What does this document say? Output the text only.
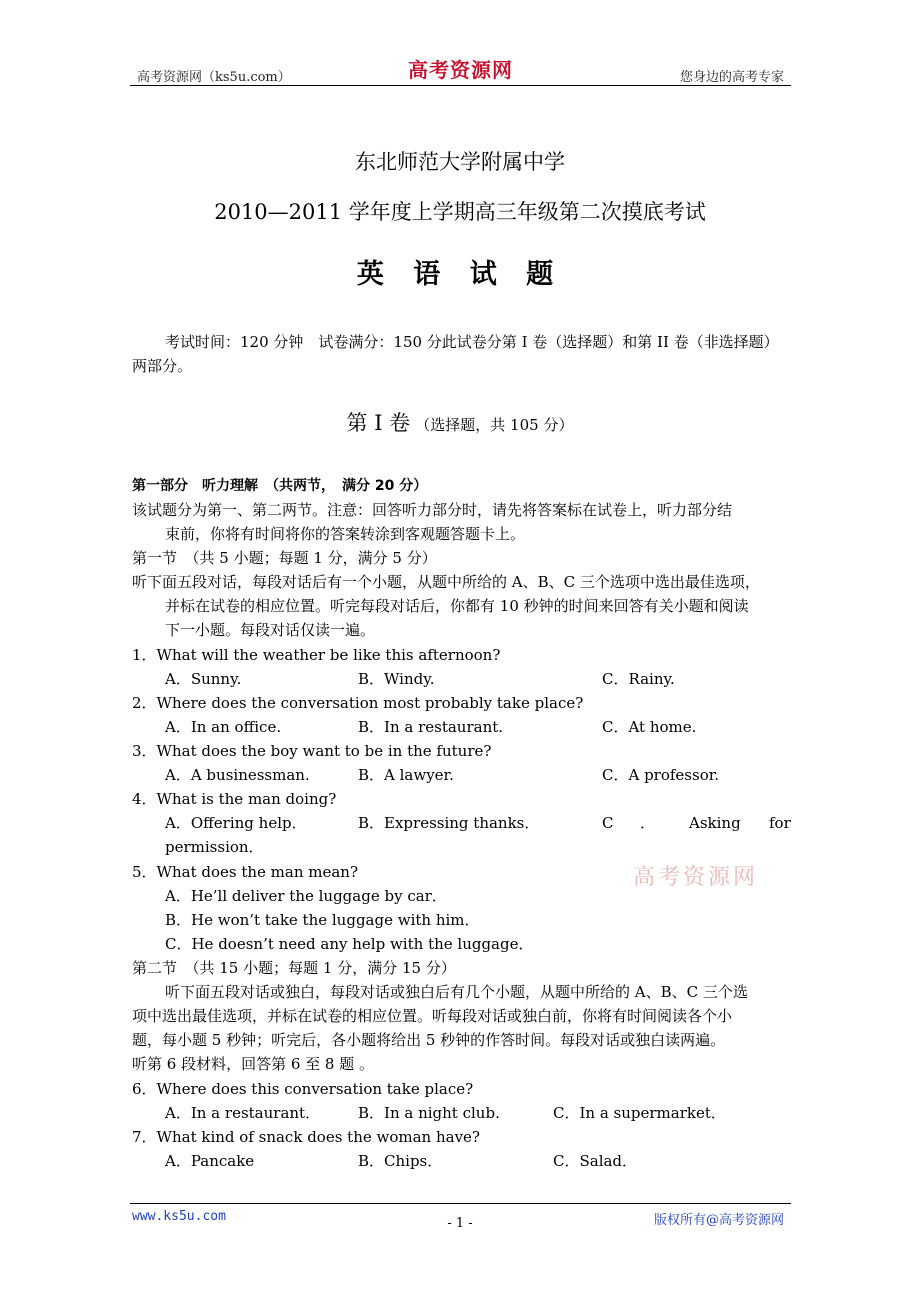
高考资源网（ks5u.com）	高考资源网	您身边的高考专家
东北师范大学附属中学
2010—2011 学年度上学期高三年级第二次摸底考试
英 语 试 题
考试时间：120 分钟　试卷满分：150 分此试卷分第 I 卷（选择题）和第 II 卷（非选择题）
两部分。
第 I 卷 （选择题，共 105 分）
第一部分　听力理解　（共两节，　满分 20 分）
该试题分为第一、第二两节。注意：回答听力部分时，请先将答案标在试卷上，听力部分结
束前，你将有时间将你的答案转涂到客观题答题卡上。
第一节　（共 5 小题；每题 1 分，满分 5 分）
听下面五段对话，每段对话后有一个小题，从题中所给的 A、B、C 三个选项中选出最佳选项，
并标在试卷的相应位置。听完每段对话后，你都有 10 秒钟的时间来回答有关小题和阅读
下一小题。每段对话仅读一遍。
1．What will the weather be like this afternoon?
A．Sunny.	B．Windy.	C．Rainy.
2．Where does the conversation most probably take place?
A．In an office.	B．In a restaurant.	C．At home.
3．What does the boy want to be in the future?
A．A businessman.	B．A lawyer.	C．A professor.
4．What is the man doing?
A．Offering help．	B．Expressing thanks．	C ． Asking for
permission．
5．What does the man mean?
A．He’ll deliver the luggage by car．
B．He won’t take the luggage with him．
C．He doesn’t need any help with the luggage．
高考资源网
第二节　（共 15 小题；每题 1 分，满分 15 分）
听下面五段对话或独白，每段对话或独白后有几个小题，从题中所给的 A、B、C 三个选
项中选出最佳选项，并标在试卷的相应位置。听每段对话或独白前，你将有时间阅读各个小
题，每小题 5 秒钟；听完后，各小题将给出 5 秒钟的作答时间。每段对话或独白读两遍。
听第 6 段材料，回答第 6 至 8 题 。
6．Where does this conversation take place?
A．In a restaurant．	B．In a night club.	C．In a supermarket．
7．What kind of snack does the woman have?
A．Pancake	B．Chips．	C．Salad．
www.ks5u.com	- 1 -	版权所有@高考资源网
